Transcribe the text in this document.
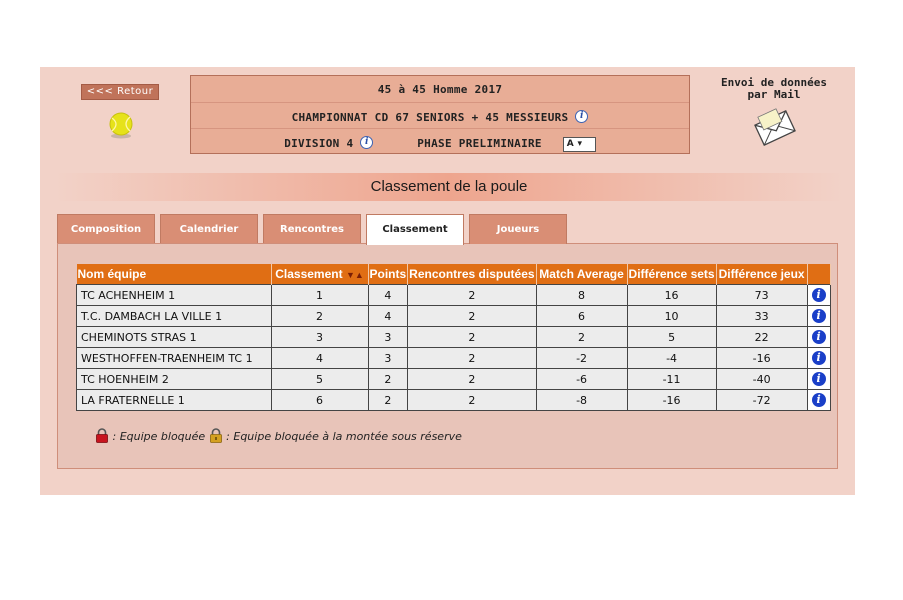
<<< Retour	45 à 45 Homme 2017
CHAMPIONNAT CD 67 SENIORS + 45 MESSIEURS i
DIVISION 4 i	PHASE PRELIMINAIRE	A ▾
Envoi de données
par Mail
Classement de la poule
Composition	Calendrier	Rencontres
Nom équipe	Classement ▼▲	Points	Rencontres disputées	Match Average	Différence sets	Différence jeux	
TC ACHENHEIM 1	1	4	2	8	16	73	i
T.C. DAMBACH LA VILLE 1	2	4	2	6	10	33	i
CHEMINOTS STRAS 1	3	3	2	2	5	22	i
WESTHOFFEN-TRAENHEIM TC 1	4	3	2	-2	-4	-16	i
TC HOENHEIM 2	5	2	2	-6	-11	-40	i
LA FRATERNELLE 1	6	2	2	-8	-16	-72	i
: Equipe bloquée : Equipe bloquée à la montée sous réserve
Classement	Joueurs
